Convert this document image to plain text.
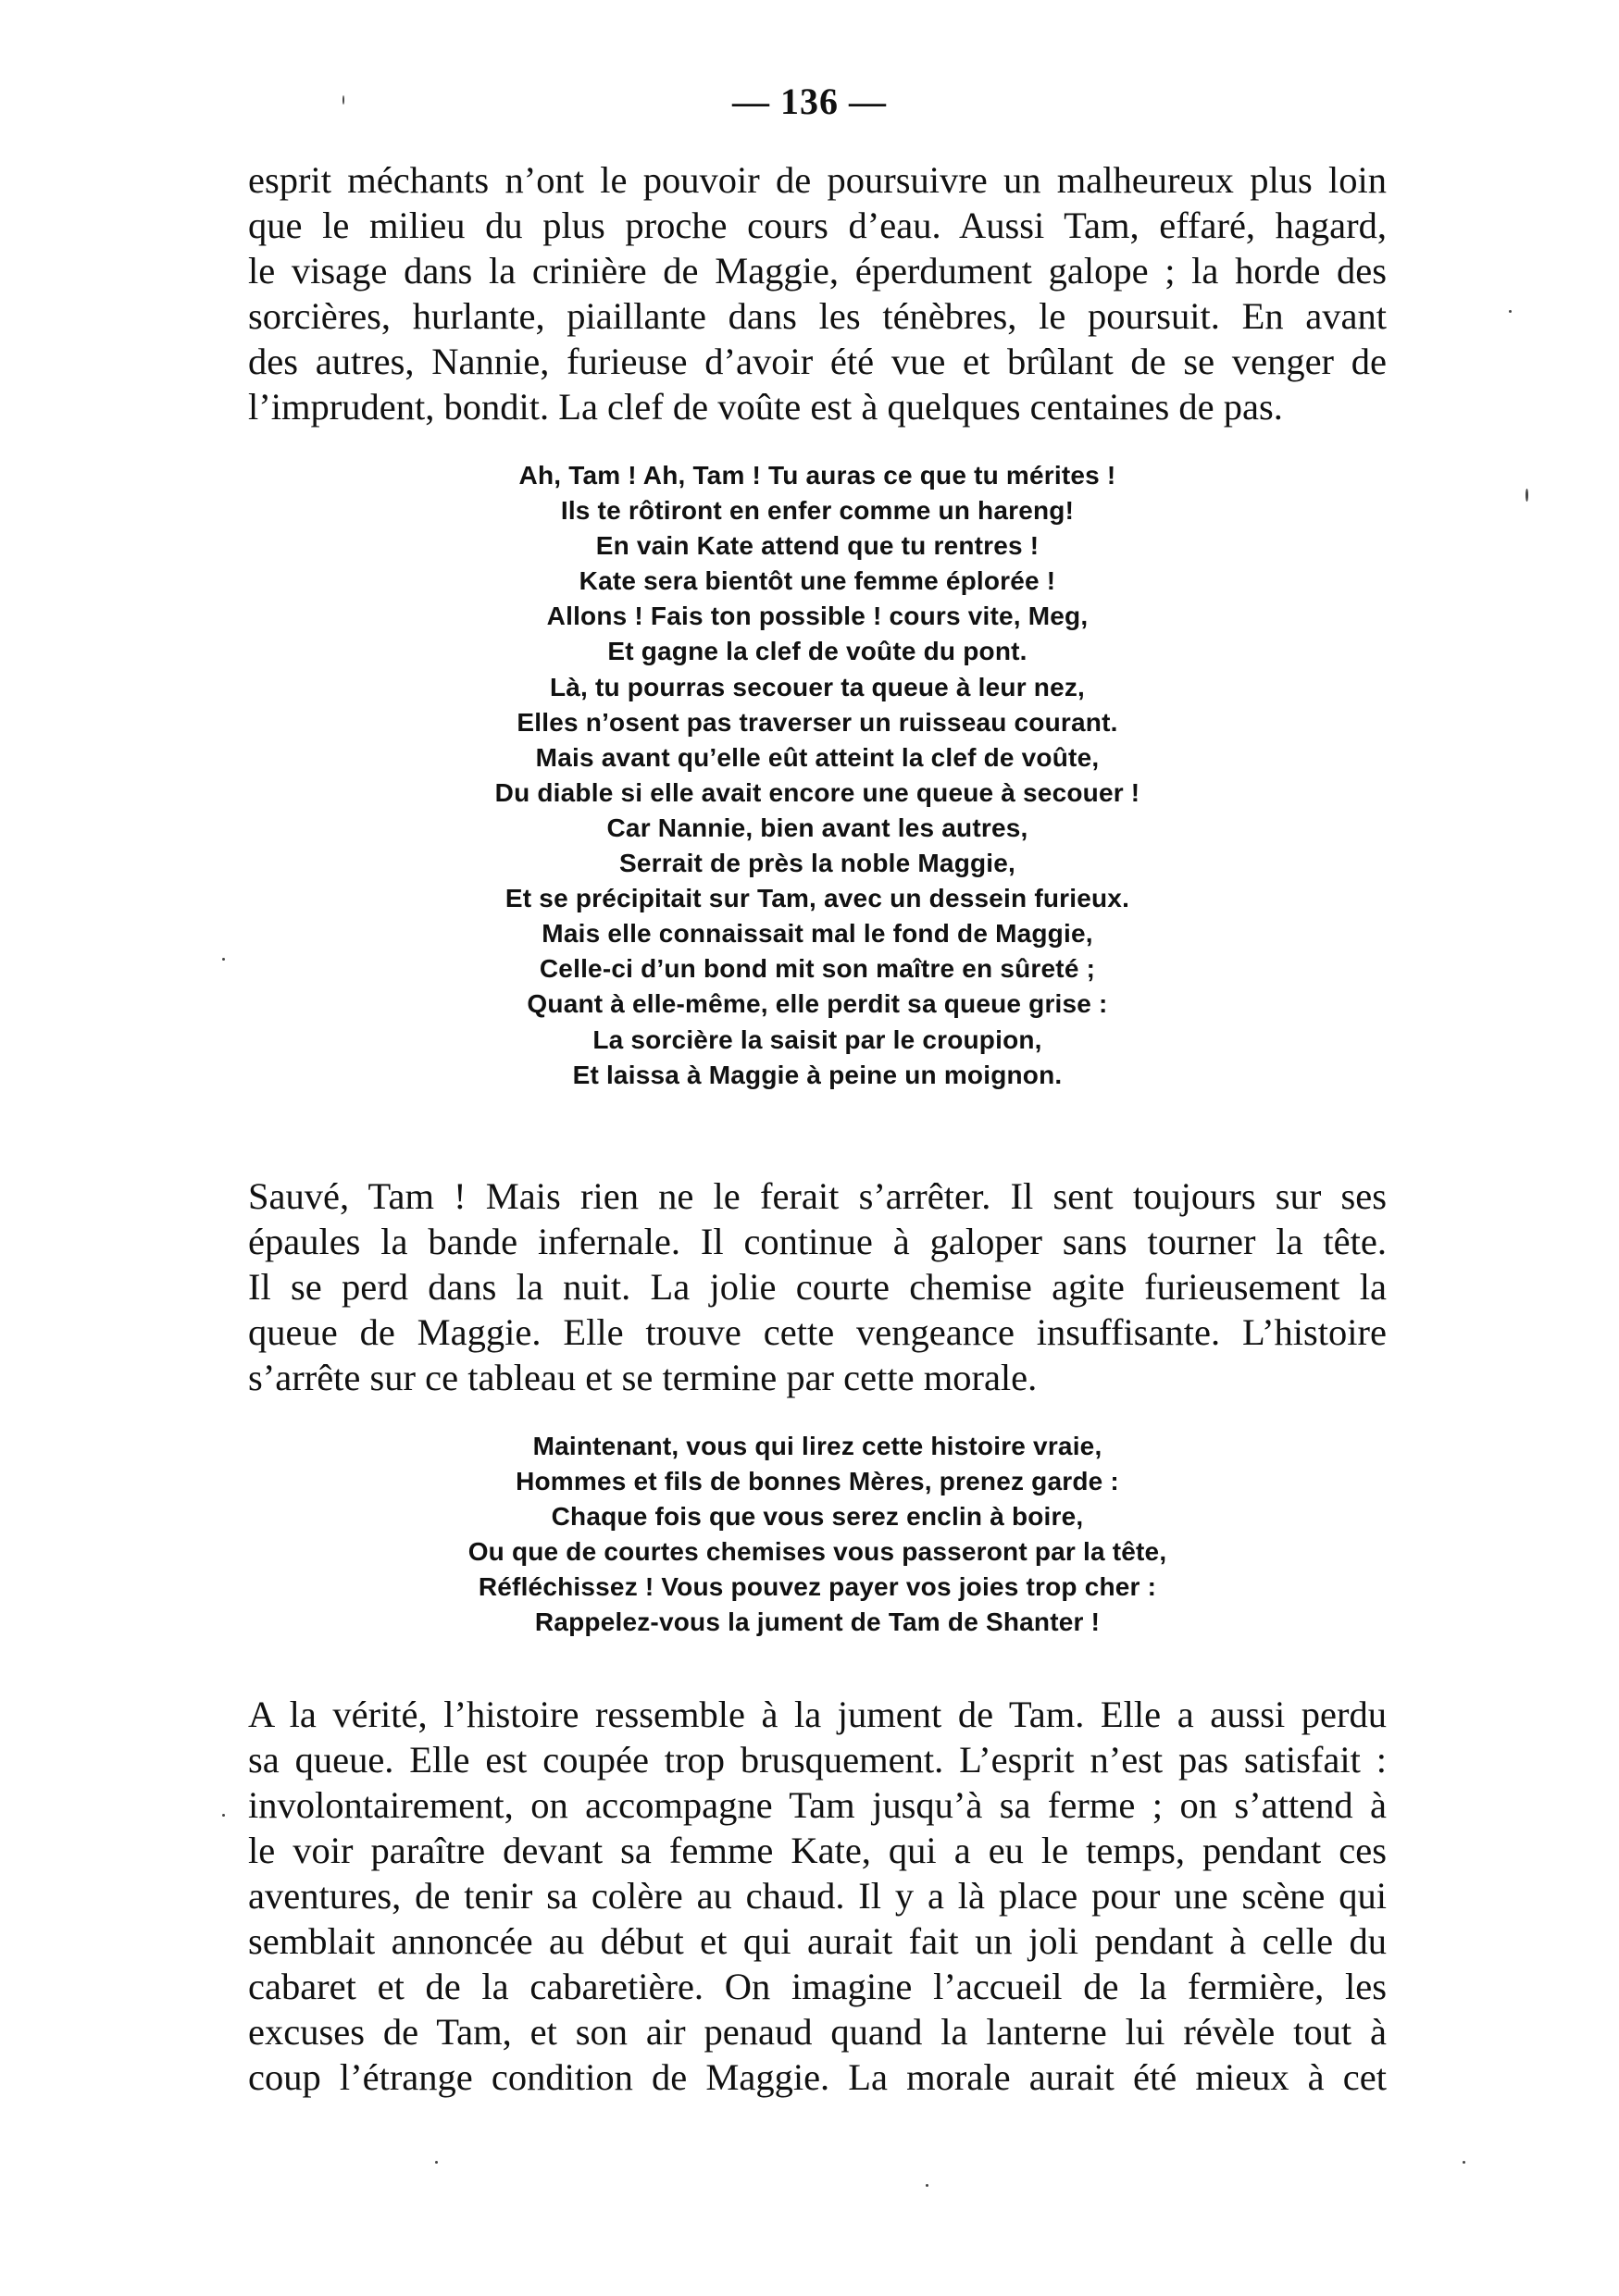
— 136 —
esprit méchants n’ont le pouvoir de poursuivre un malheureux plus loin
que le milieu du plus proche cours d’eau. Aussi Tam, effaré, hagard,
le visage dans la crinière de Maggie, éperdument galope ; la horde des
sorcières, hurlante, piaillante dans les ténèbres, le poursuit. En avant
des autres, Nannie, furieuse d’avoir été vue et brûlant de se venger de
l’imprudent, bondit. La clef de voûte est à quelques centaines de pas.
Ah, Tam ! Ah, Tam ! Tu auras ce que tu mérites !
Ils te rôtiront en enfer comme un hareng!
En vain Kate attend que tu rentres !
Kate sera bientôt une femme éplorée !
Allons ! Fais ton possible ! cours vite, Meg,
Et gagne la clef de voûte du pont.
Là, tu pourras secouer ta queue à leur nez,
Elles n’osent pas traverser un ruisseau courant.
Mais avant qu’elle eût atteint la clef de voûte,
Du diable si elle avait encore une queue à secouer !
Car Nannie, bien avant les autres,
Serrait de près la noble Maggie,
Et se précipitait sur Tam, avec un dessein furieux.
Mais elle connaissait mal le fond de Maggie,
Celle-ci d’un bond mit son maître en sûreté ;
Quant à elle-même, elle perdit sa queue grise :
La sorcière la saisit par le croupion,
Et laissa à Maggie à peine un moignon.
Sauvé, Tam ! Mais rien ne le ferait s’arrêter. Il sent toujours sur ses
épaules la bande infernale. Il continue à galoper sans tourner la tête.
Il se perd dans la nuit. La jolie courte chemise agite furieusement la
queue de Maggie. Elle trouve cette vengeance insuffisante. L’histoire
s’arrête sur ce tableau et se termine par cette morale.
Maintenant, vous qui lirez cette histoire vraie,
Hommes et fils de bonnes Mères, prenez garde :
Chaque fois que vous serez enclin à boire,
Ou que de courtes chemises vous passeront par la tête,
Réfléchissez ! Vous pouvez payer vos joies trop cher :
Rappelez-vous la jument de Tam de Shanter !
A la vérité, l’histoire ressemble à la jument de Tam. Elle a aussi perdu
sa queue. Elle est coupée trop brusquement. L’esprit n’est pas satisfait :
involontairement, on accompagne Tam jusqu’à sa ferme ; on s’attend à
le voir paraître devant sa femme Kate, qui a eu le temps, pendant ces
aventures, de tenir sa colère au chaud. Il y a là place pour une scène qui
semblait annoncée au début et qui aurait fait un joli pendant à celle du
cabaret et de la cabaretière. On imagine l’accueil de la fermière, les
excuses de Tam, et son air penaud quand la lanterne lui révèle tout à
coup l’étrange condition de Maggie. La morale aurait été mieux à cet
